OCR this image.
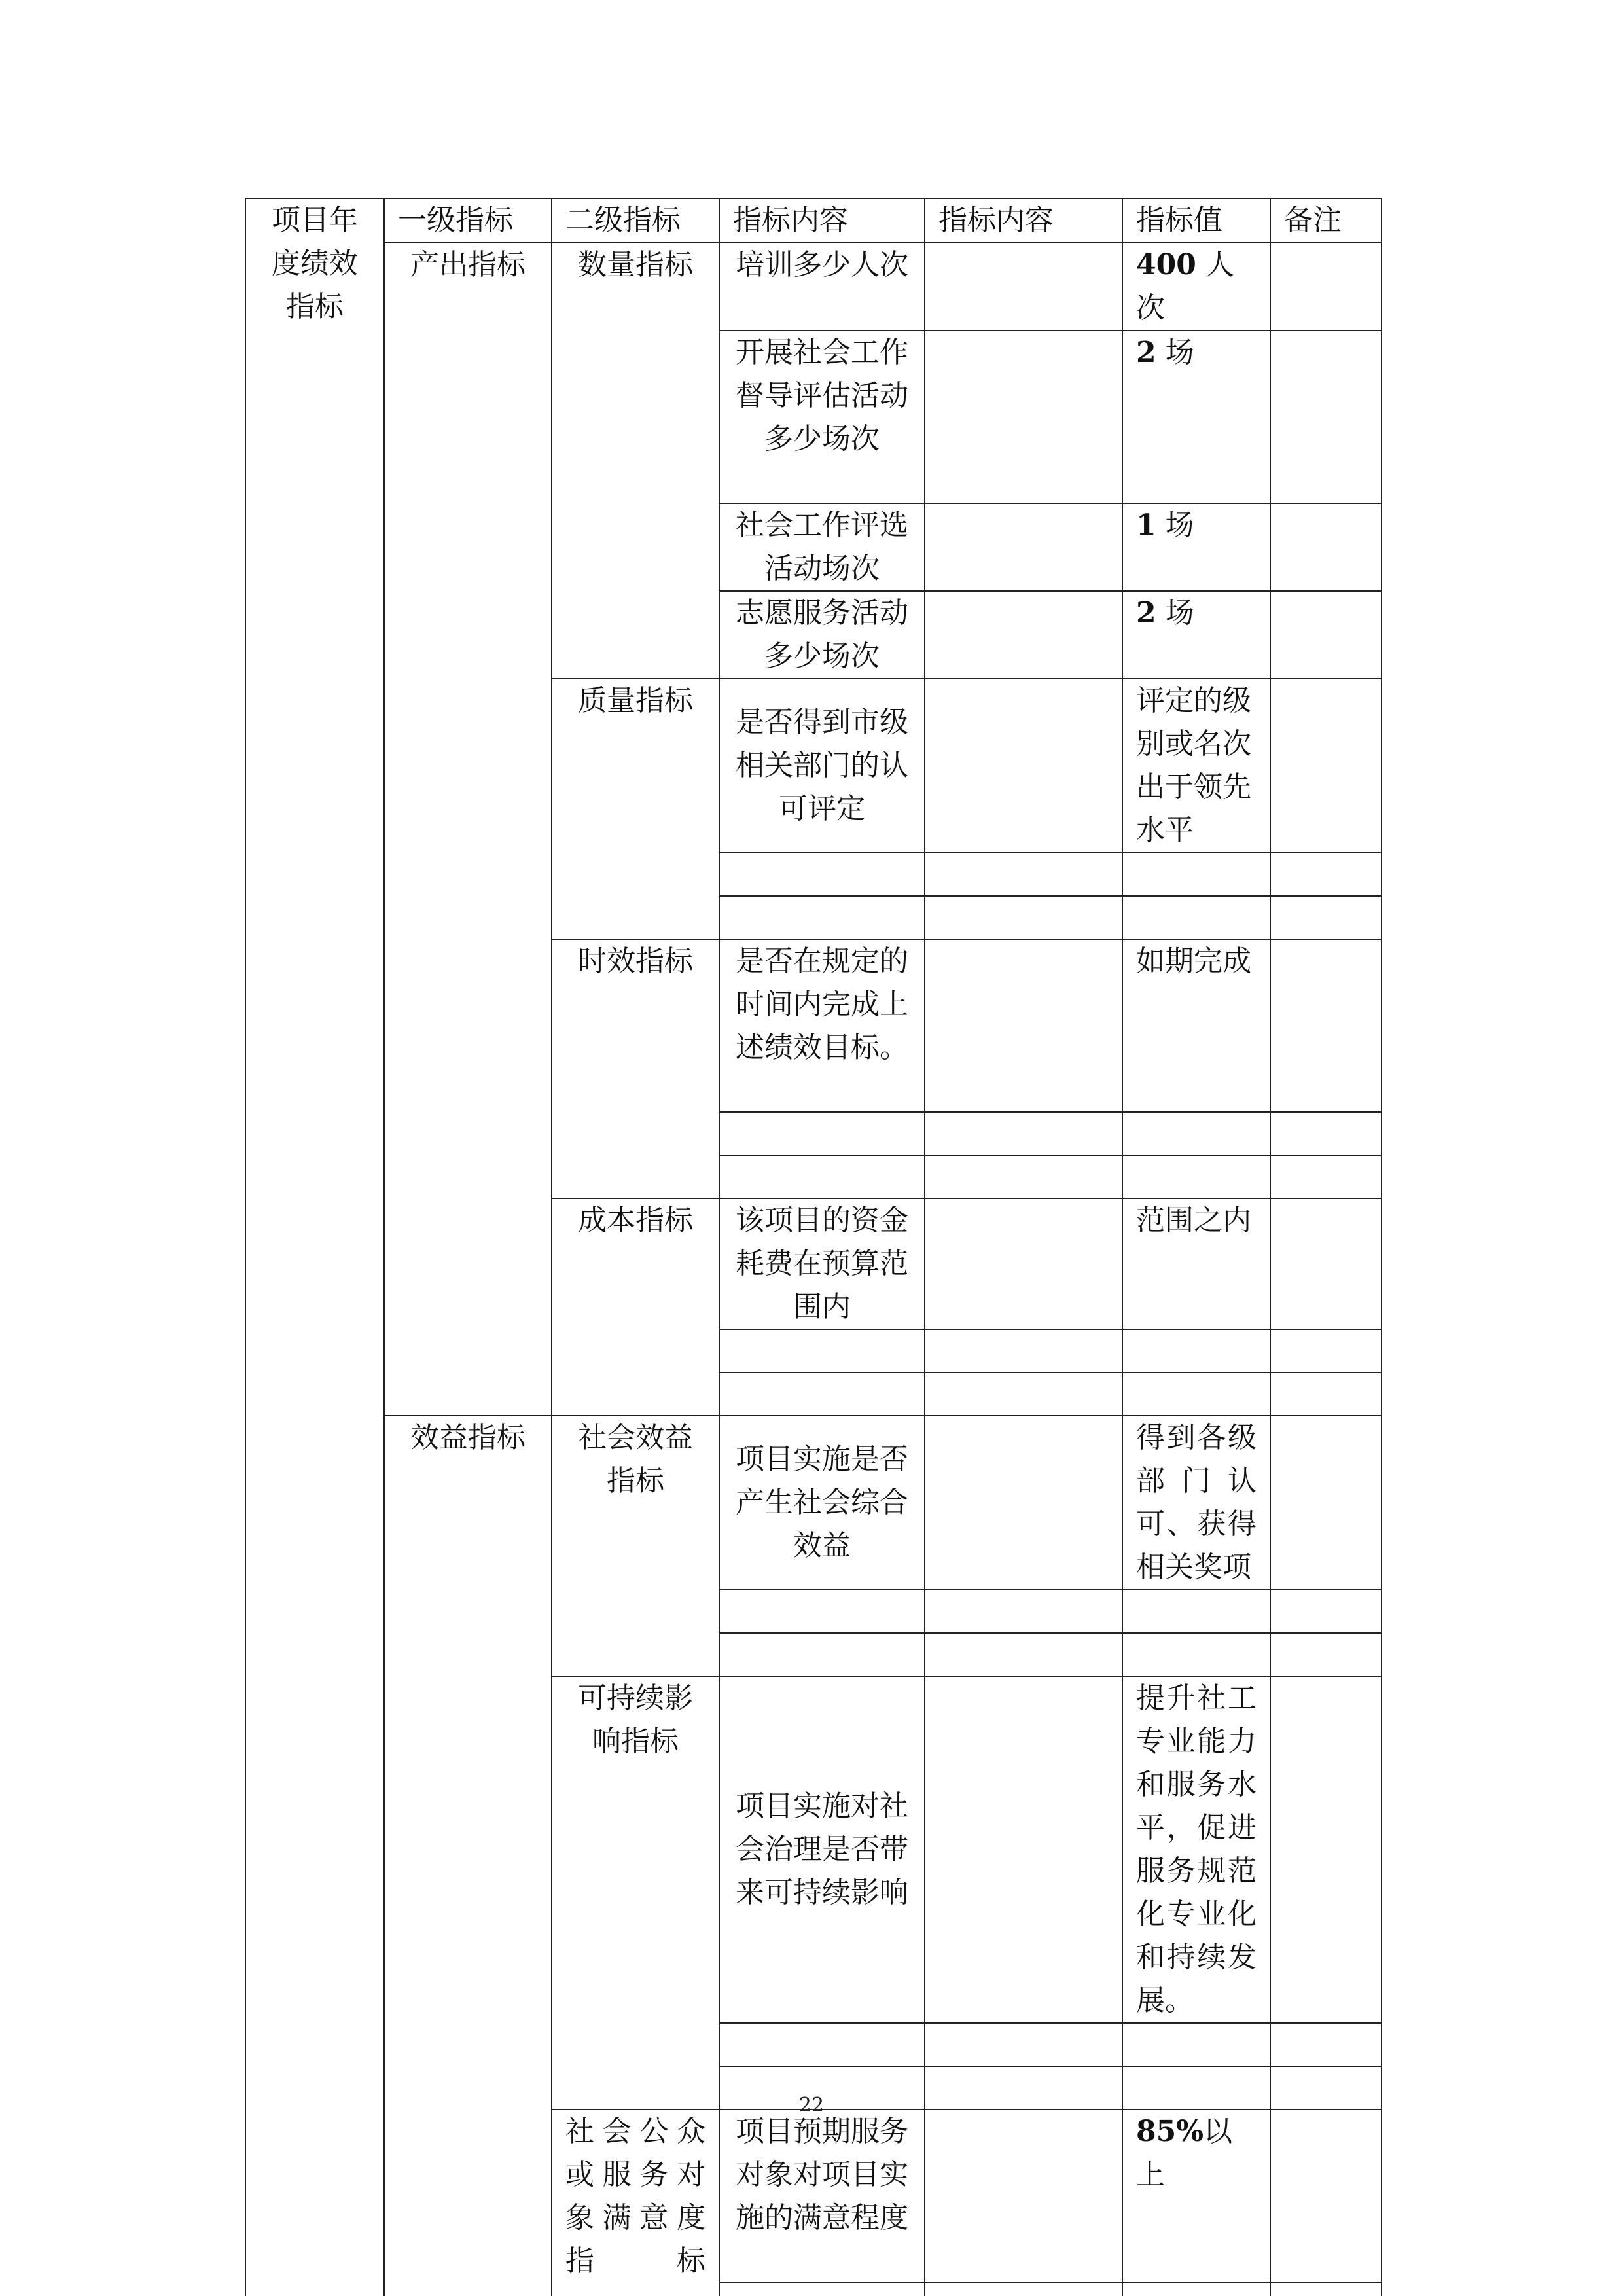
项目年度绩效指标	一级指标	二级指标	指标内容	指标内容	指标值	备注
	产出指标	数量指标	培训多少人次		400 人次	
			开展社会工作督导评估活动多少场次		2 场	
			社会工作评选活动场次		1 场	
			志愿服务活动多少场次		2 场	
		质量指标	是否得到市级相关部门的认可评定		评定的级别或名次出于领先水平	

		时效指标	是否在规定的时间内完成上述绩效目标。		如期完成	

		成本指标	该项目的资金耗费在预算范围内		范围之内	

	效益指标	社会效益指标	项目实施是否产生社会综合效益		得到各级部门认可、获得相关奖项	

		可持续影响指标	项目实施对社会治理是否带来可持续影响		提升社工专业能力和服务水平，促进服务规范化专业化和持续发展。	

		社会公众或服务对象满意度指标	项目预期服务对象对项目实施的满意程度		85%以上	

22
